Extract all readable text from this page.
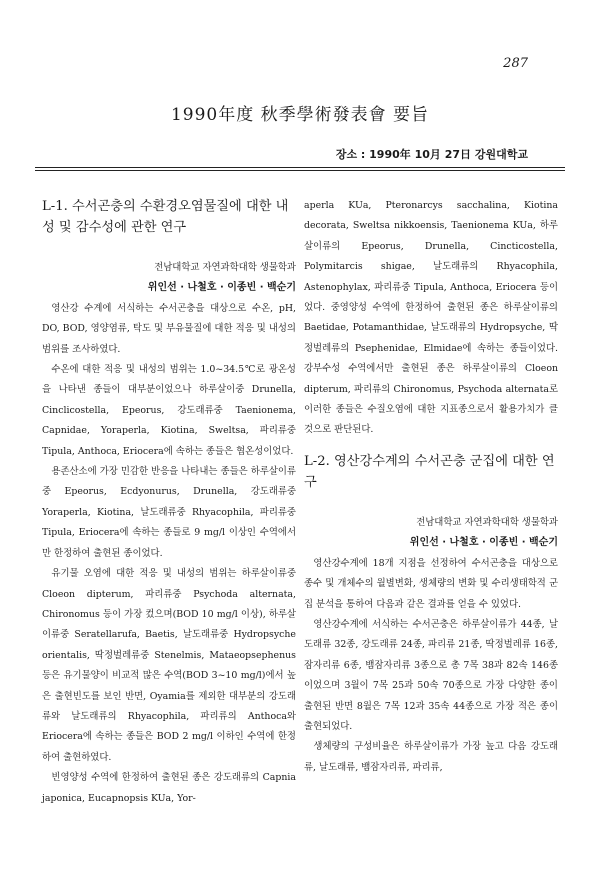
287
1990年度 秋季學術發表會 要旨
장소 : 1990年 10月 27日 강원대학교

L-1. 수서곤충의 수환경오염물질에 대한 내성 및 감수성에 관한 연구

전남대학교 자연과학대학 생물학과

위인선 · 나철호 · 이종빈 · 백순기

영산강 수계에 서식하는 수서곤충을 대상으로 수온, pH, DO, BOD, 영양염류, 탁도 및 부유물질에 대한 적응 및 내성의 범위를 조사하였다.

수온에 대한 적응 및 내성의 범위는 1.0~34.5℃로 광온성을 나타낸 종들이 대부분이었으나 하루살이중 Drunella, Cinclicostella, Epeorus, 강도래류중 Taenionema, Capnidae, Yoraperla, Kiotina, Sweltsa, 파리류중 Tipula, Anthoca, Eriocera에 속하는 종들은 협온성이었다.

용존산소에 가장 민감한 반응을 나타내는 종들은 하루살이류중 Epeorus, Ecdyonurus, Drunella, 강도래류중 Yoraperla, Kiotina, 날도래류중 Rhyacophila, 파리류중 Tipula, Eriocera에 속하는 종들로 9 mg/l 이상인 수역에서만 한정하여 출현된 종이었다.

유기물 오염에 대한 적응 및 내성의 범위는 하루살이류중 Cloeon dipterum, 파리류중 Psychoda alternata, Chironomus 등이 가장 컸으며(BOD 10 mg/l 이상), 하루살이류중 Seratellarufa, Baetis, 날도래류중 Hydropsyche orientalis, 딱정벌레류중 Stenelmis, Mataeopsephenus 등은 유기물양이 비교적 많은 수역(BOD 3~10 mg/l)에서 높은 출현빈도를 보인 반면, Oyamia를 제외한 대부분의 강도래류와 날도래류의 Rhyacophila, 파리류의 Anthoca와 Eriocera에 속하는 종들은 BOD 2 mg/l 이하인 수역에 한정하여 출현하였다.

빈영양성 수역에 한정하여 출현된 종은 강도래류의 Capnia japonica, Eucapnopsis KUa, Yor-

aperla KUa, Pteronarcys sacchalina, Kiotina decorata, Sweltsa nikkoensis, Taenionema KUa, 하루살이류의 Epeorus, Drunella, Cincticostella, Polymitarcis shigae, 날도래류의 Rhyacophila, Astenophylax, 파리류중 Tipula, Anthoca, Eriocera 등이었다. 중영양성 수역에 한정하여 출현된 종은 하루살이류의 Baetidae, Potamanthidae, 날도래류의 Hydropsyche, 딱정벌레류의 Psephenidae, Elmidae에 속하는 종들이었다. 강부수성 수역에서만 출현된 종은 하루살이류의 Cloeon dipterum, 파리류의 Chironomus, Psychoda alternata로 이러한 종들은 수질오염에 대한 지표종으로서 활용가치가 클 것으로 판단된다.

L-2. 영산강수계의 수서곤충 군집에 대한 연구

전남대학교 자연과학대학 생물학과

위인선 · 나철호 · 이종빈 · 백순기

영산강수계에 18개 지점을 선정하여 수서곤충을 대상으로 종수 및 개체수의 월별변화, 생체량의 변화 및 수리생태학적 군집 분석을 통하여 다음과 같은 결과를 얻을 수 있었다.

영산강수계에 서식하는 수서곤충은 하루살이류가 44종, 날도래류 32종, 강도래류 24종, 파리류 21종, 딱정벌레류 16종, 잠자리류 6종, 뱀잠자리류 3종으로 총 7목 38과 82속 146종이었으며 3월이 7목 25과 50속 70종으로 가장 다양한 종이 출현된 반면 8월은 7목 12과 35속 44종으로 가장 적은 종이 출현되었다.

생체량의 구성비율은 하루살이류가 가장 높고 다음 강도래류, 날도래류, 뱀잠자리류, 파리류,
